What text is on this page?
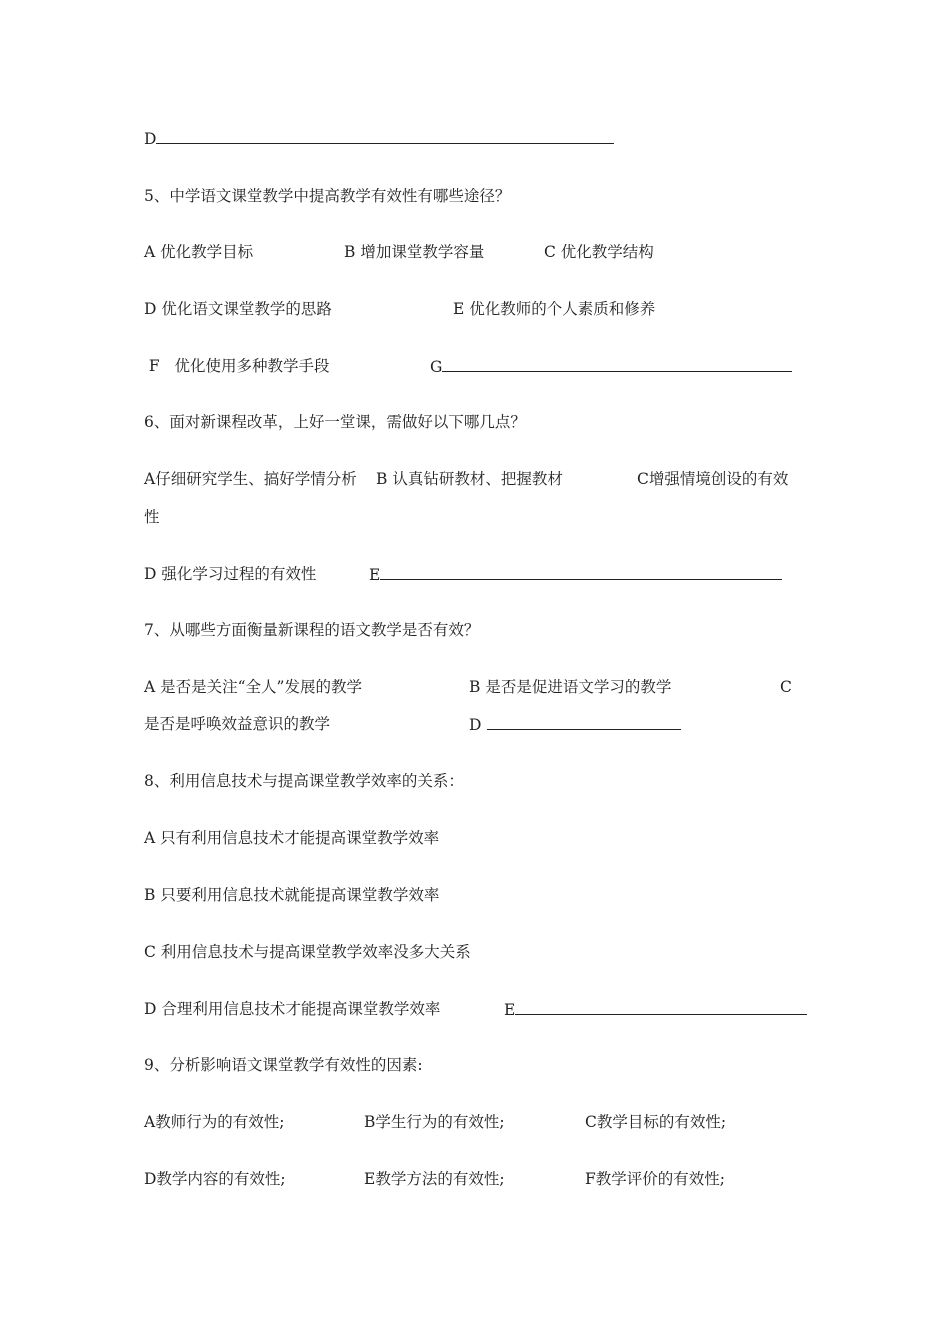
D
5、中学语文课堂教学中提高教学有效性有哪些途径？
A 优化教学目标	B 增加课堂教学容量	C 优化教学结构
D 优化语文课堂教学的思路	E 优化教师的个人素质和修养
F   优化使用多种教学手段	G
6、面对新课程改革，上好一堂课，需做好以下哪几点？
A仔细研究学生、搞好学情分析 B 认真钻研教材、把握教材	C增强情境创设的有效
性
D 强化学习过程的有效性	E
7、从哪些方面衡量新课程的语文教学是否有效？
A 是否是关注“全人”发展的教学	B 是否是促进语文学习的教学	C
是否是呼唤效益意识的教学	D
8、利用信息技术与提高课堂教学效率的关系：
A 只有利用信息技术才能提高课堂教学效率
B 只要利用信息技术就能提高课堂教学效率
C 利用信息技术与提高课堂教学效率没多大关系
D 合理利用信息技术才能提高课堂教学效率	E
9、分析影响语文课堂教学有效性的因素:
A教师行为的有效性;	B学生行为的有效性;	C教学目标的有效性;
D教学内容的有效性;	E教学方法的有效性;	F教学评价的有效性;
